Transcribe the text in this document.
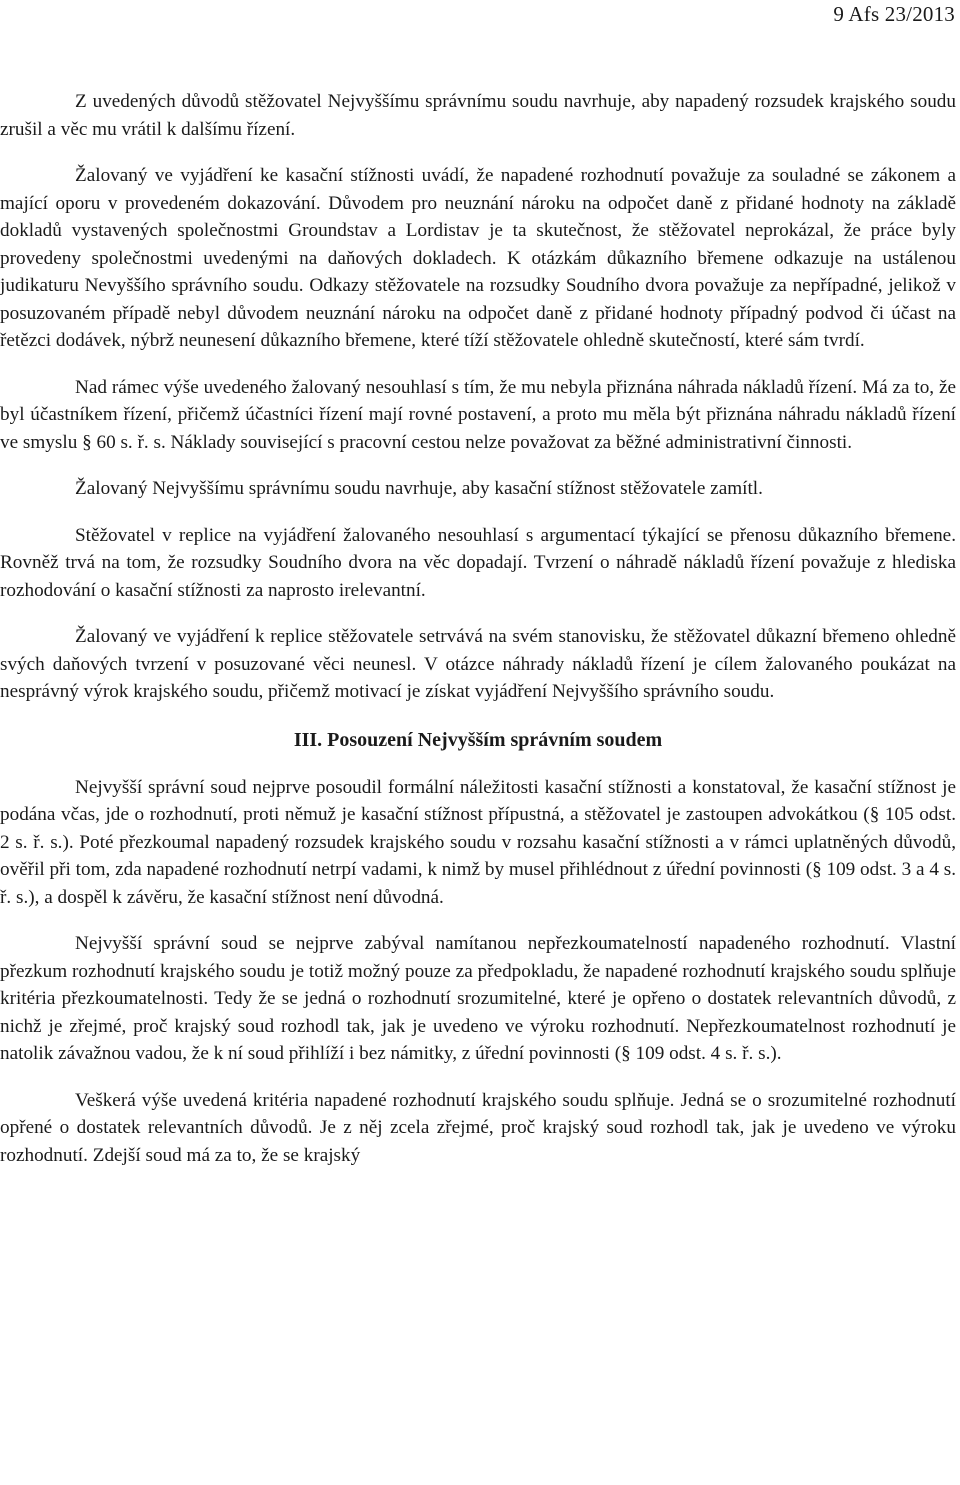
9 Afs 23/2013

Z uvedených důvodů stěžovatel Nejvyššímu správnímu soudu navrhuje, aby napadený rozsudek krajského soudu zrušil a věc mu vrátil k dalšímu řízení.

Žalovaný ve vyjádření ke kasační stížnosti uvádí, že napadené rozhodnutí považuje za souladné se zákonem a mající oporu v provedeném dokazování. Důvodem pro neuznání nároku na odpočet daně z přidané hodnoty na základě dokladů vystavených společnostmi Groundstav a Lordistav je ta skutečnost, že stěžovatel neprokázal, že práce byly provedeny společnostmi uvedenými na daňových dokladech. K otázkám důkazního břemene odkazuje na ustálenou judikaturu Nevyššího správního soudu. Odkazy stěžovatele na rozsudky Soudního dvora považuje za nepřípadné, jelikož v posuzovaném případě nebyl důvodem neuznání nároku na odpočet daně z přidané hodnoty případný podvod či účast na řetězci dodávek, nýbrž neunesení důkazního břemene, které tíží stěžovatele ohledně skutečností, které sám tvrdí.

Nad rámec výše uvedeného žalovaný nesouhlasí s tím, že mu nebyla přiznána náhrada nákladů řízení. Má za to, že byl účastníkem řízení, přičemž účastníci řízení mají rovné postavení, a proto mu měla být přiznána náhradu nákladů řízení ve smyslu § 60 s. ř. s. Náklady související s pracovní cestou nelze považovat za běžné administrativní činnosti.

Žalovaný Nejvyššímu správnímu soudu navrhuje, aby kasační stížnost stěžovatele zamítl.

Stěžovatel v replice na vyjádření žalovaného nesouhlasí s argumentací týkající se přenosu důkazního břemene. Rovněž trvá na tom, že rozsudky Soudního dvora na věc dopadají. Tvrzení o náhradě nákladů řízení považuje z hlediska rozhodování o kasační stížnosti za naprosto irelevantní.

Žalovaný ve vyjádření k replice stěžovatele setrvává na svém stanovisku, že stěžovatel důkazní břemeno ohledně svých daňových tvrzení v posuzované věci neunesl. V otázce náhrady nákladů řízení je cílem žalovaného poukázat na nesprávný výrok krajského soudu, přičemž motivací je získat vyjádření Nejvyššího správního soudu.

III. Posouzení Nejvyšším správním soudem

Nejvyšší správní soud nejprve posoudil formální náležitosti kasační stížnosti a konstatoval, že kasační stížnost je podána včas, jde o rozhodnutí, proti němuž je kasační stížnost přípustná, a stěžovatel je zastoupen advokátkou (§ 105 odst. 2 s. ř. s.). Poté přezkoumal napadený rozsudek krajského soudu v rozsahu kasační stížnosti a v rámci uplatněných důvodů, ověřil při tom, zda napadené rozhodnutí netrpí vadami, k nimž by musel přihlédnout z úřední povinnosti (§ 109 odst. 3 a 4 s. ř. s.), a dospěl k závěru, že kasační stížnost není důvodná.

Nejvyšší správní soud se nejprve zabýval namítanou nepřezkoumatelností napadeného rozhodnutí. Vlastní přezkum rozhodnutí krajského soudu je totiž možný pouze za předpokladu, že napadené rozhodnutí krajského soudu splňuje kritéria přezkoumatelnosti. Tedy že se jedná o rozhodnutí srozumitelné, které je opřeno o dostatek relevantních důvodů, z nichž je zřejmé, proč krajský soud rozhodl tak, jak je uvedeno ve výroku rozhodnutí. Nepřezkoumatelnost rozhodnutí je natolik závažnou vadou, že k ní soud přihlíží i bez námitky, z úřední povinnosti (§ 109 odst. 4 s. ř. s.).

Veškerá výše uvedená kritéria napadené rozhodnutí krajského soudu splňuje. Jedná se o srozumitelné rozhodnutí opřené o dostatek relevantních důvodů. Je z něj zcela zřejmé, proč krajský soud rozhodl tak, jak je uvedeno ve výroku rozhodnutí. Zdejší soud má za to, že se krajský
